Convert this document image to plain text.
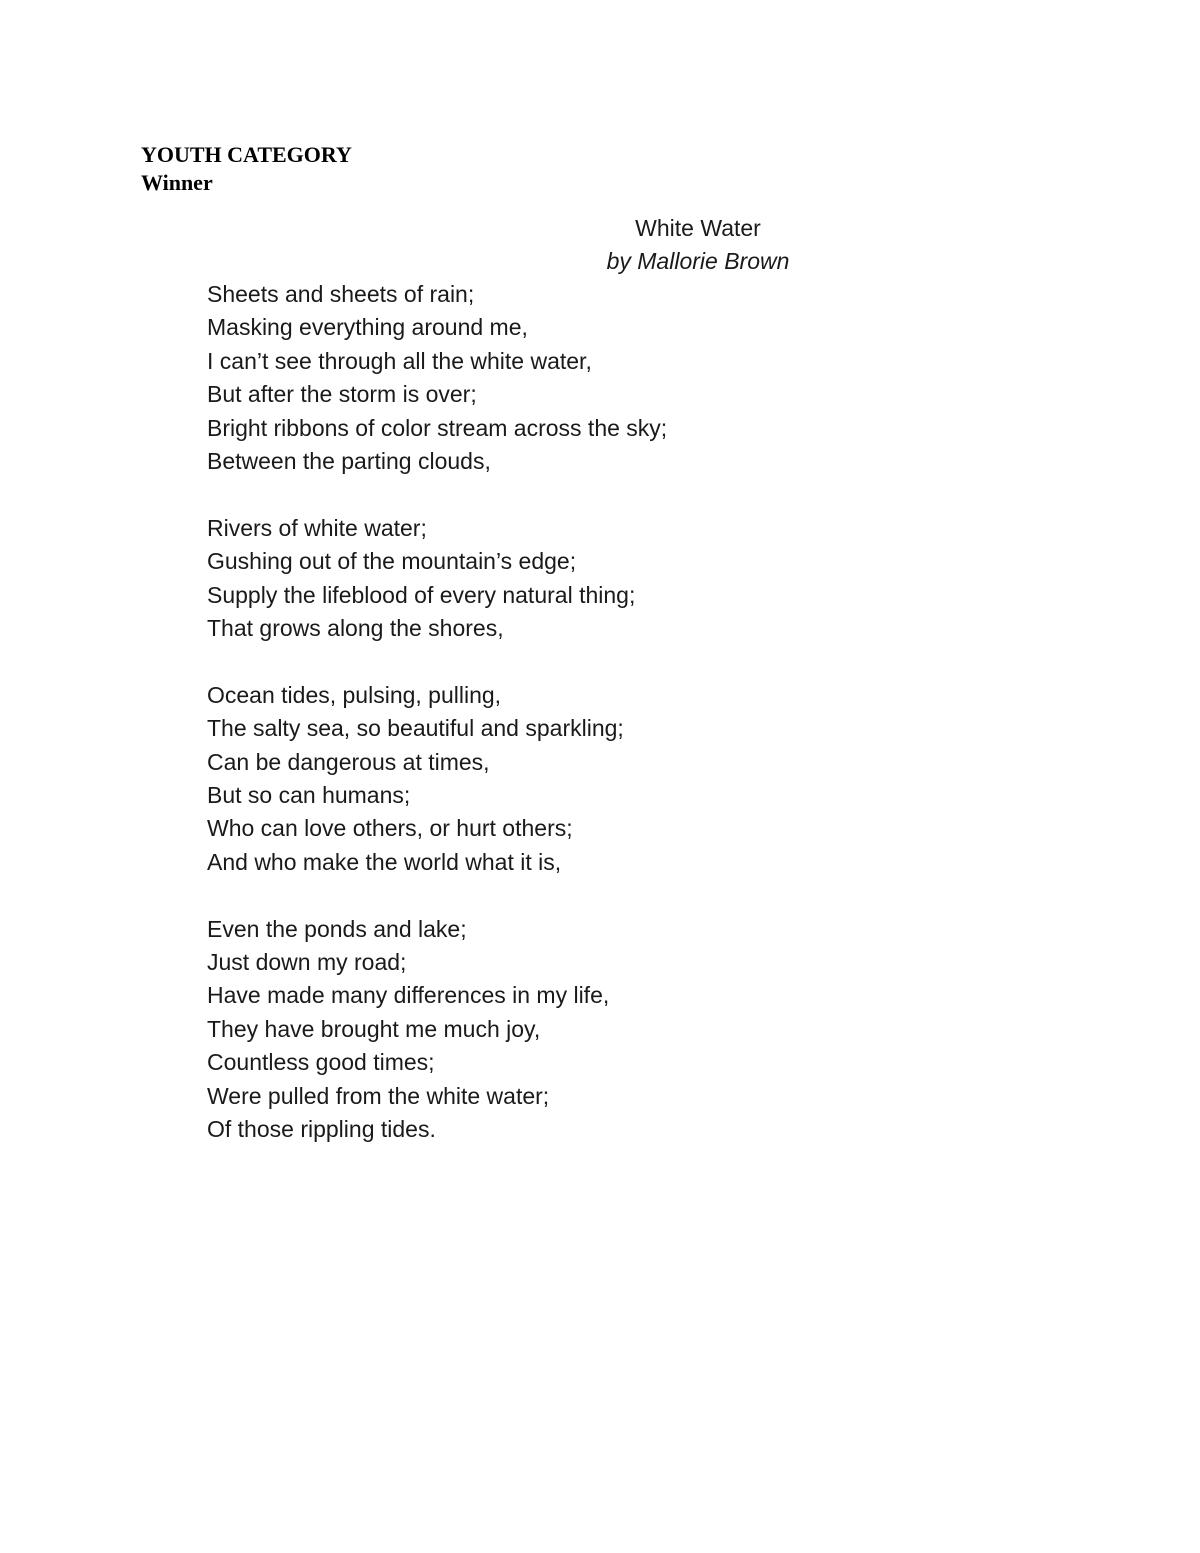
YOUTH CATEGORY
Winner
White Water
by Mallorie Brown
Sheets and sheets of rain;
Masking everything around me,
I can’t see through all the white water,
But after the storm is over;
Bright ribbons of color stream across the sky;
Between the parting clouds,
Rivers of white water;
Gushing out of the mountain’s edge;
Supply the lifeblood of every natural thing;
That grows along the shores,
Ocean tides, pulsing, pulling,
The salty sea, so beautiful and sparkling;
Can be dangerous at times,
But so can humans;
Who can love others, or hurt others;
And who make the world what it is,
Even the ponds and lake;
Just down my road;
Have made many differences in my life,
They have brought me much joy,
Countless good times;
Were pulled from the white water;
Of those rippling tides.
